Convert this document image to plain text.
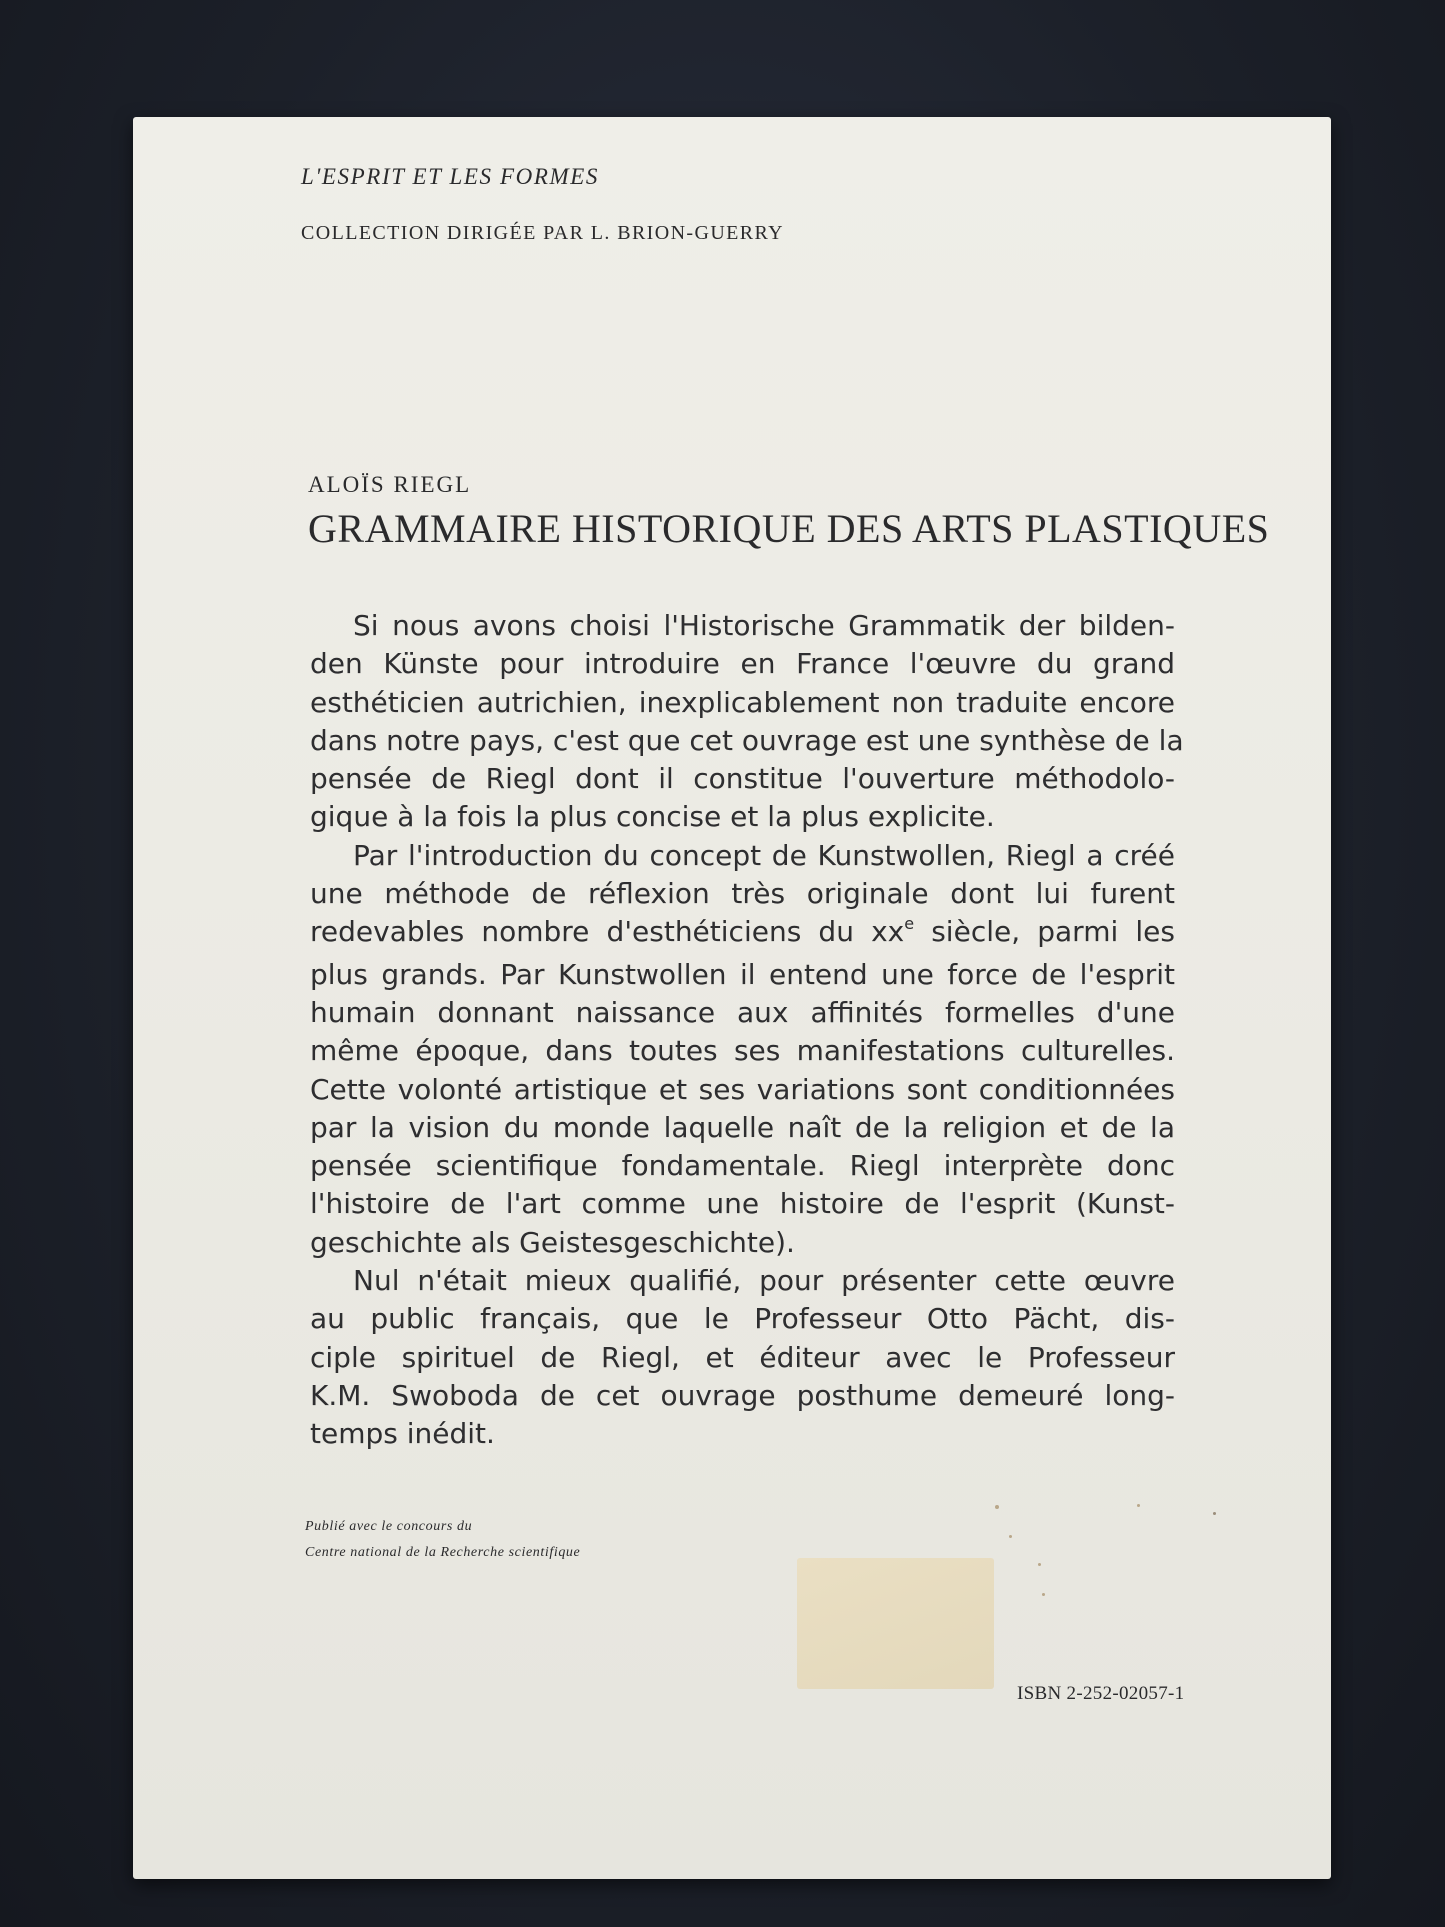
L'ESPRIT ET LES FORMES
COLLECTION DIRIGÉE PAR L. BRION-GUERRY
ALOÏS RIEGL
GRAMMAIRE HISTORIQUE DES ARTS PLASTIQUES
Si nous avons choisi l'Historische Grammatik der bilden-
den Künste pour introduire en France l'œuvre du grand
esthéticien autrichien, inexplicablement non traduite encore
dans notre pays, c'est que cet ouvrage est une synthèse de la
pensée de Riegl dont il constitue l'ouverture méthodolo-
gique à la fois la plus concise et la plus explicite.
Par l'introduction du concept de Kunstwollen, Riegl a créé
une méthode de réflexion très originale dont lui furent
redevables nombre d'esthéticiens du $xx^e$ siècle, parmi les
plus grands. Par Kunstwollen il entend une force de l'esprit
humain donnant naissance aux affinités formelles d'une
même époque, dans toutes ses manifestations culturelles.
Cette volonté artistique et ses variations sont conditionnées
par la vision du monde laquelle naît de la religion et de la
pensée scientifique fondamentale. Riegl interprète donc
l'histoire de l'art comme une histoire de l'esprit (Kunst-
geschichte als Geistesgeschichte).
Nul n'était mieux qualifié, pour présenter cette œuvre
au public français, que le Professeur Otto Pächt, dis-
ciple spirituel de Riegl, et éditeur avec le Professeur
K.M. Swoboda de cet ouvrage posthume demeuré long-
temps inédit.
Publié avec le concours du
Centre national de la Recherche scientifique
ISBN 2-252-02057-1
